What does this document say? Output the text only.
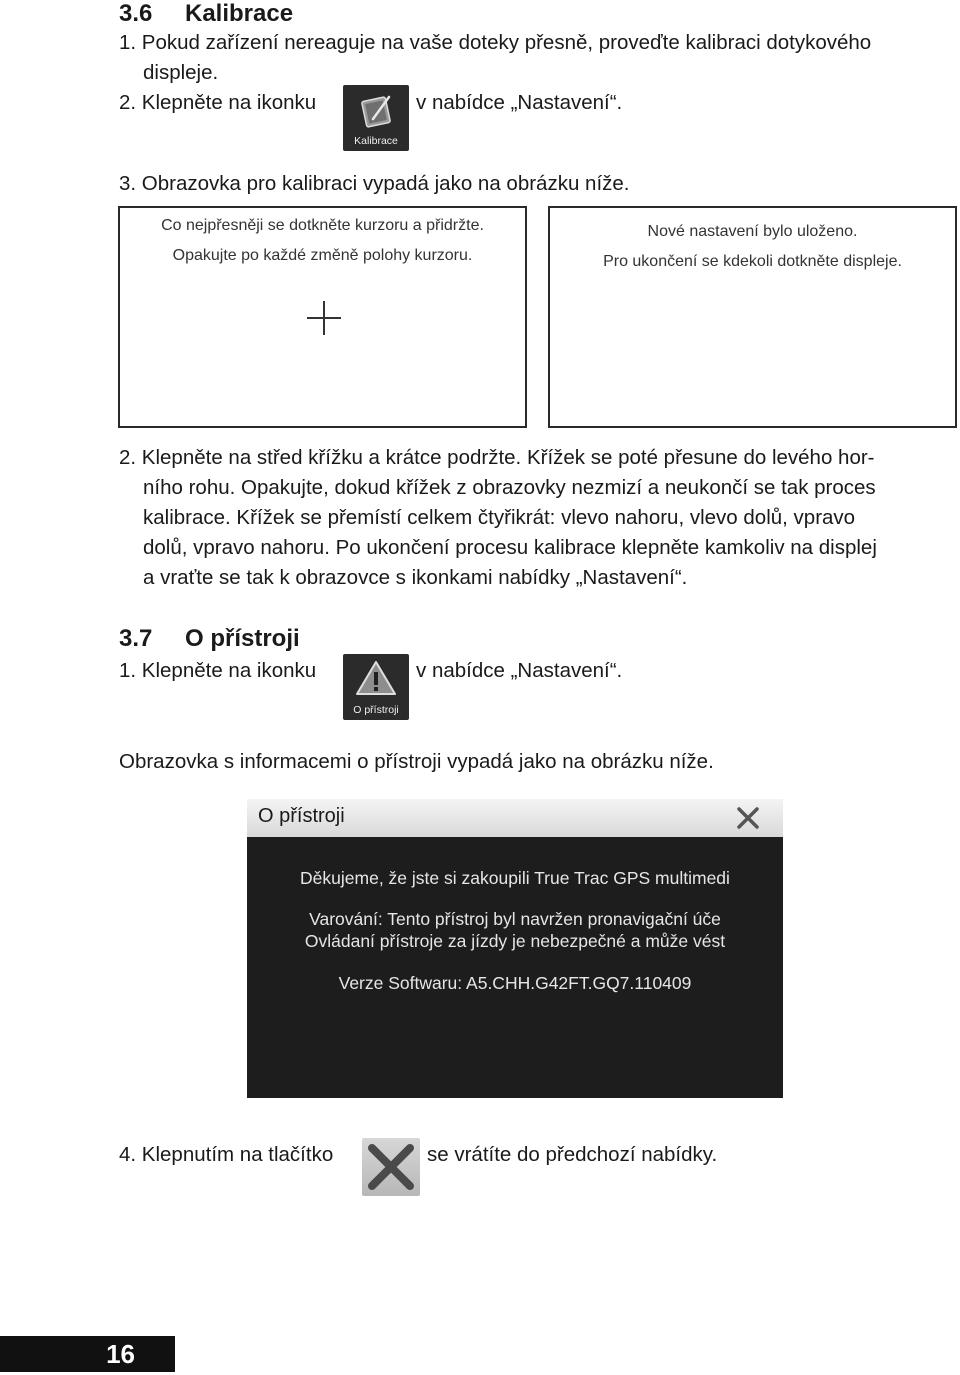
3.6 Kalibrace
1. Pokud zařízení nereaguje na vaše doteky přesně, proveďte kalibraci dotykového
displeje.
2. Klepněte na ikonku
Kalibrace
v nabídce „Nastavení“.
3. Obrazovka pro kalibraci vypadá jako na obrázku níže.
Co nejpřesněji se dotkněte kurzoru a přidržte.
Opakujte po každé změně polohy kurzoru.
Nové nastavení bylo uloženo.
Pro ukončení se kdekoli dotkněte displeje.
2. Klepněte na střed křížku a krátce podržte. Křížek se poté přesune do levého hor-
ního rohu. Opakujte, dokud křížek z obrazovky nezmizí a neukončí se tak proces
kalibrace. Křížek se přemístí celkem čtyřikrát: vlevo nahoru, vlevo dolů, vpravo
dolů, vpravo nahoru. Po ukončení procesu kalibrace klepněte kamkoliv na displej
a vraťte se tak k obrazovce s ikonkami nabídky „Nastavení“.
3.7 O přístroji
1. Klepněte na ikonku
O přístroji
v nabídce „Nastavení“.
Obrazovka s informacemi o přístroji vypadá jako na obrázku níže.
O přístroji
Děkujeme, že jste si zakoupili True Trac GPS multimedi
Varování: Tento přístroj byl navržen pronavigační úče
Ovládaní přístroje za jízdy je nebezpečné a může vést
Verze Softwaru: A5.CHH.G42FT.GQ7.110409
4. Klepnutím na tlačítko	se vrátíte do předchozí nabídky.
16
